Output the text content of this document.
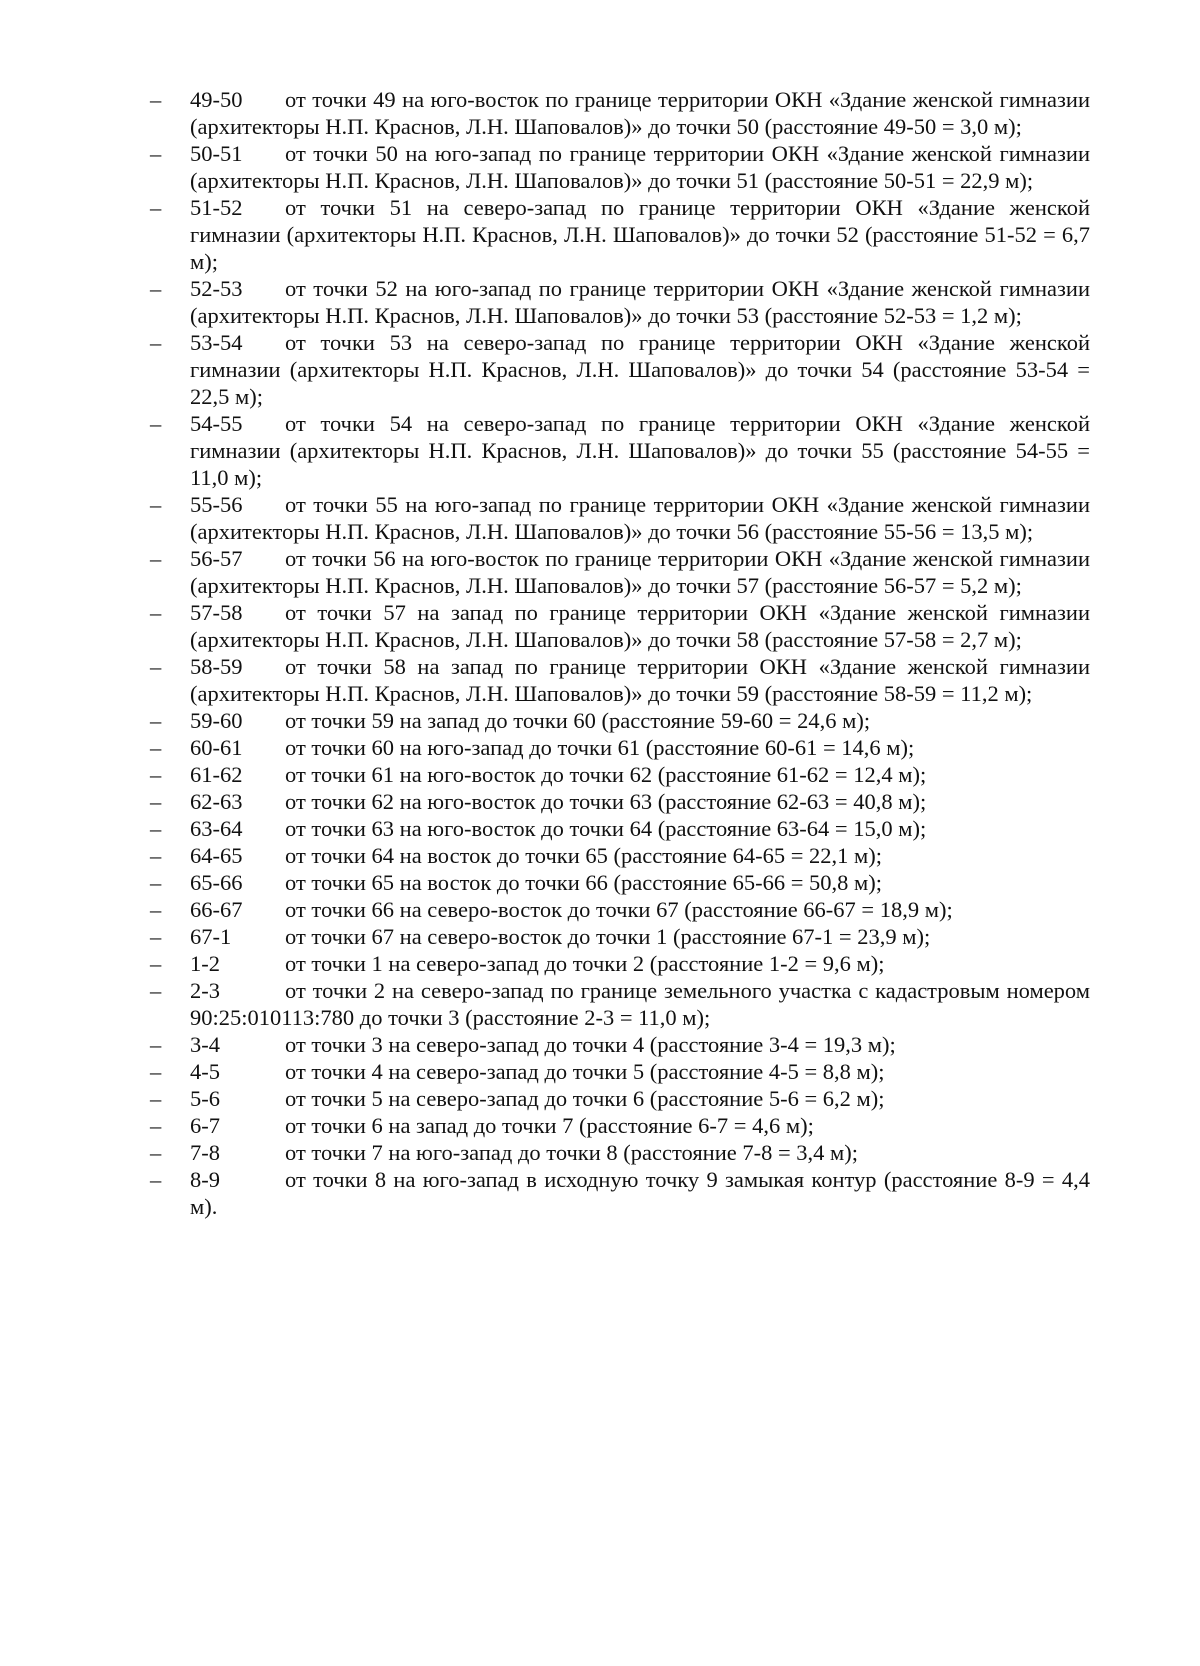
–	49-50 от точки 49 на юго-восток по границе территории ОКН «Здание женской гимназии (архитекторы Н.П. Краснов, Л.Н. Шаповалов)» до точки 50 (расстояние 49-50 = 3,0 м);
–	50-51 от точки 50 на юго-запад по границе территории ОКН «Здание женской гимназии (архитекторы Н.П. Краснов, Л.Н. Шаповалов)» до точки 51 (расстояние 50-51 = 22,9 м);
–	51-52 от точки 51 на северо-запад по границе территории ОКН «Здание женской гимназии (архитекторы Н.П. Краснов, Л.Н. Шаповалов)» до точки 52 (расстояние 51-52 = 6,7 м);
–	52-53 от точки 52 на юго-запад по границе территории ОКН «Здание женской гимназии (архитекторы Н.П. Краснов, Л.Н. Шаповалов)» до точки 53 (расстояние 52-53 = 1,2 м);
–	53-54 от точки 53 на северо-запад по границе территории ОКН «Здание женской гимназии (архитекторы Н.П. Краснов, Л.Н. Шаповалов)» до точки 54 (расстояние 53-54 = 22,5 м);
–	54-55 от точки 54 на северо-запад по границе территории ОКН «Здание женской гимназии (архитекторы Н.П. Краснов, Л.Н. Шаповалов)» до точки 55 (расстояние 54-55 = 11,0 м);
–	55-56 от точки 55 на юго-запад по границе территории ОКН «Здание женской гимназии (архитекторы Н.П. Краснов, Л.Н. Шаповалов)» до точки 56 (расстояние 55-56 = 13,5 м);
–	56-57 от точки 56 на юго-восток по границе территории ОКН «Здание женской гимназии (архитекторы Н.П. Краснов, Л.Н. Шаповалов)» до точки 57 (расстояние 56-57 = 5,2 м);
–	57-58 от точки 57 на запад по границе территории ОКН «Здание женской гимназии (архитекторы Н.П. Краснов, Л.Н. Шаповалов)» до точки 58 (расстояние 57-58 = 2,7 м);
–	58-59 от точки 58 на запад по границе территории ОКН «Здание женской гимназии (архитекторы Н.П. Краснов, Л.Н. Шаповалов)» до точки 59 (расстояние 58-59 = 11,2 м);
–	59-60 от точки 59 на запад до точки 60 (расстояние 59-60 = 24,6 м);
–	60-61 от точки 60 на юго-запад до точки 61 (расстояние 60-61 = 14,6 м);
–	61-62 от точки 61 на юго-восток до точки 62 (расстояние 61-62 = 12,4 м);
–	62-63 от точки 62 на юго-восток до точки 63 (расстояние 62-63 = 40,8 м);
–	63-64 от точки 63 на юго-восток до точки 64 (расстояние 63-64 = 15,0 м);
–	64-65 от точки 64 на восток до точки 65 (расстояние 64-65 = 22,1 м);
–	65-66 от точки 65 на восток до точки 66 (расстояние 65-66 = 50,8 м);
–	66-67 от точки 66 на северо-восток до точки 67 (расстояние 66-67 = 18,9 м);
–	67-1 от точки 67 на северо-восток до точки 1 (расстояние 67-1 = 23,9 м);
–	1-2	от точки 1 на северо-запад до точки 2 (расстояние 1-2 = 9,6 м);
–	2-3	от точки 2 на северо-запад по границе земельного участка с кадастровым номером 90:25:010113:780 до точки 3 (расстояние 2-3 = 11,0 м);
–	3-4	от точки 3 на северо-запад до точки 4 (расстояние 3-4 = 19,3 м);
–	4-5	от точки 4 на северо-запад до точки 5 (расстояние 4-5 = 8,8 м);
–	5-6	от точки 5 на северо-запад до точки 6 (расстояние 5-6 = 6,2 м);
–	6-7	от точки 6 на запад до точки 7 (расстояние 6-7 = 4,6 м);
–	7-8	от точки 7 на юго-запад до точки 8 (расстояние 7-8 = 3,4 м);
–	8-9	от точки 8 на юго-запад в исходную точку 9 замыкая контур (расстояние 8-9 = 4,4 м).
